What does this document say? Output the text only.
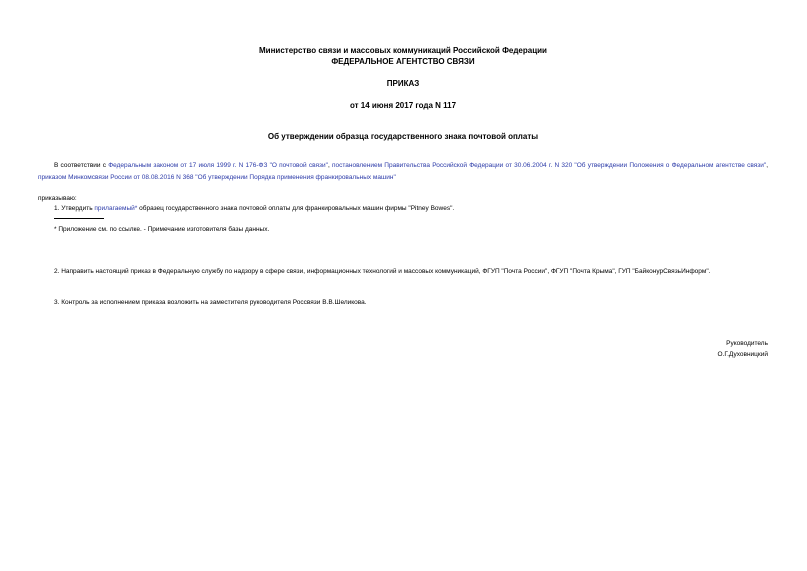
Министерство связи и массовых коммуникаций Российской Федерации
ФЕДЕРАЛЬНОЕ АГЕНТСТВО СВЯЗИ
ПРИКАЗ
от 14 июня 2017 года N 117
Об утверждении образца государственного знака почтовой оплаты
В соответствии с Федеральным законом от 17 июля 1999 г. N 176-ФЗ "О почтовой связи", постановлением Правительства Российской Федерации от 30.06.2004 г. N 320 "Об утверждении Положения о Федеральном агентстве связи", приказом Минкомсвязи России от 08.08.2016 N 368 "Об утверждении Порядка применения франкировальных машин"
приказываю:
1. Утвердить прилагаемый* образец государственного знака почтовой оплаты для франкировальных машин фирмы "Pitney Bowes".
* Приложение см. по ссылке. - Примечание изготовителя базы данных.
2. Направить настоящий приказ в Федеральную службу по надзору в сфере связи, информационных технологий и массовых коммуникаций, ФГУП "Почта России", ФГУП "Почта Крыма", ГУП "БайконурСвязьИнформ".
3. Контроль за исполнением приказа возложить на заместителя руководителя Россвязи В.В.Шеликова.
Руководитель
О.Г.Духовницкий
